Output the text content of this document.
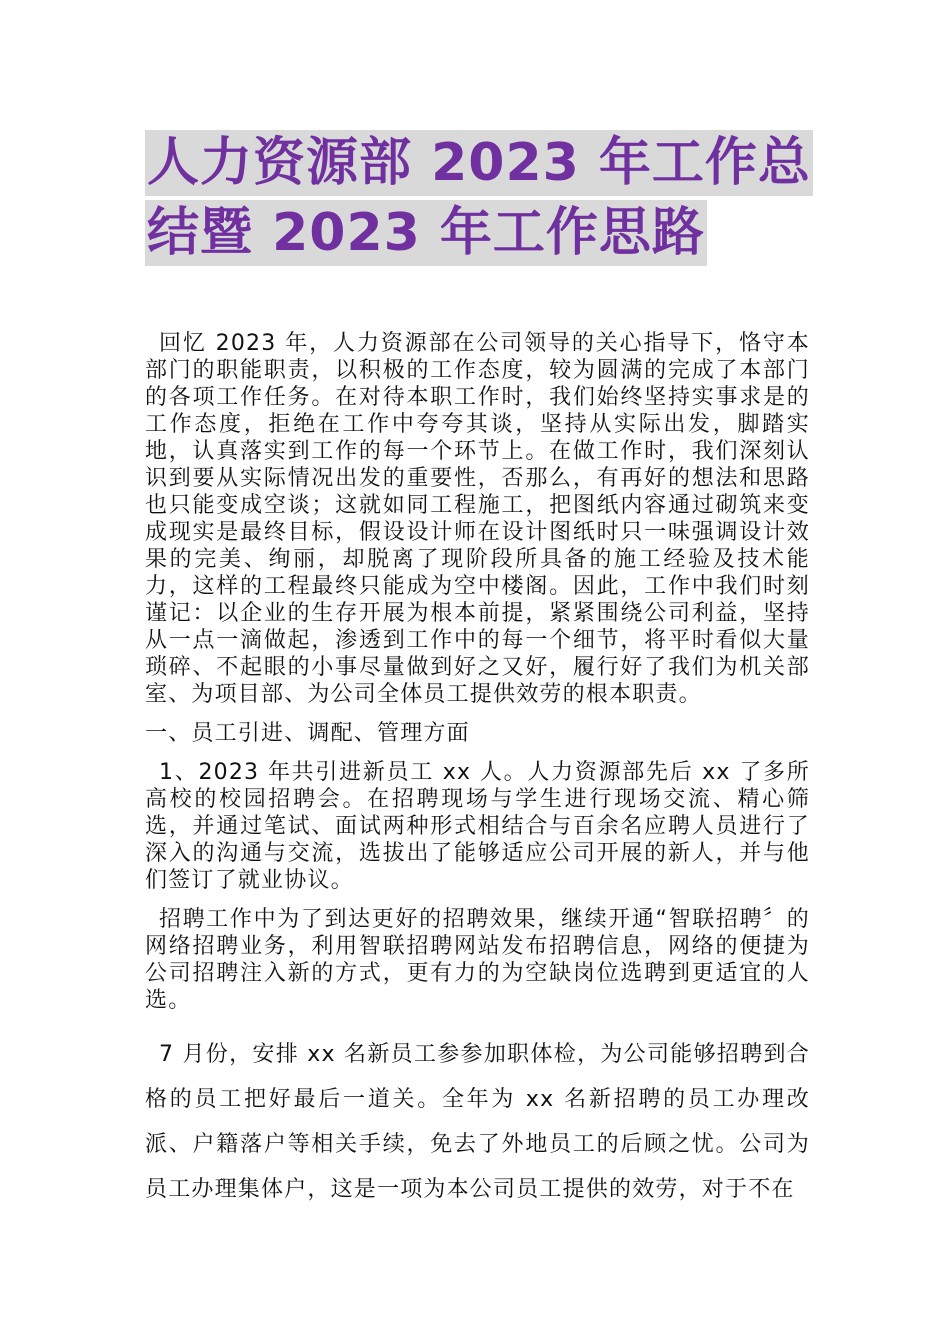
人力资源部 2023 年工作总
结暨 2023 年工作思路

回忆 2023 年，人力资源部在公司领导的关心指导下，恪守本部门的职能职责，以积极的工作态度，较为圆满的完成了本部门的各项工作任务。在对待本职工作时，我们始终坚持实事求是的工作态度，拒绝在工作中夸夸其谈，坚持从实际出发，脚踏实地，认真落实到工作的每一个环节上。在做工作时，我们深刻认识到要从实际情况出发的重要性，否那么，有再好的想法和思路也只能变成空谈；这就如同工程施工，把图纸内容通过砌筑来变成现实是最终目标，假设设计师在设计图纸时只一味强调设计效果的完美、绚丽，却脱离了现阶段所具备的施工经验及技术能力，这样的工程最终只能成为空中楼阁。因此，工作中我们时刻谨记：以企业的生存开展为根本前提，紧紧围绕公司利益，坚持从一点一滴做起，渗透到工作中的每一个细节，将平时看似大量琐碎、不起眼的小事尽量做到好之又好，履行好了我们为机关部室、为项目部、为公司全体员工提供效劳的根本职责。

一、员工引进、调配、管理方面

1、2023 年共引进新员工 xx 人。人力资源部先后 xx 了多所高校的校园招聘会。在招聘现场与学生进行现场交流、精心筛选，并通过笔试、面试两种形式相结合与百余名应聘人员进行了深入的沟通与交流，选拔出了能够适应公司开展的新人，并与他们签订了就业协议。

招聘工作中为了到达更好的招聘效果，继续开通“智联招聘〞的网络招聘业务，利用智联招聘网站发布招聘信息，网络的便捷为公司招聘注入新的方式，更有力的为空缺岗位选聘到更适宜的人选。

7 月份，安排 xx 名新员工参参加职体检，为公司能够招聘到合格的员工把好最后一道关。全年为 xx 名新招聘的员工办理改派、户籍落户等相关手续，免去了外地员工的后顾之忧。公司为员工办理集体户，这是一项为本公司员工提供的效劳，对于不在
